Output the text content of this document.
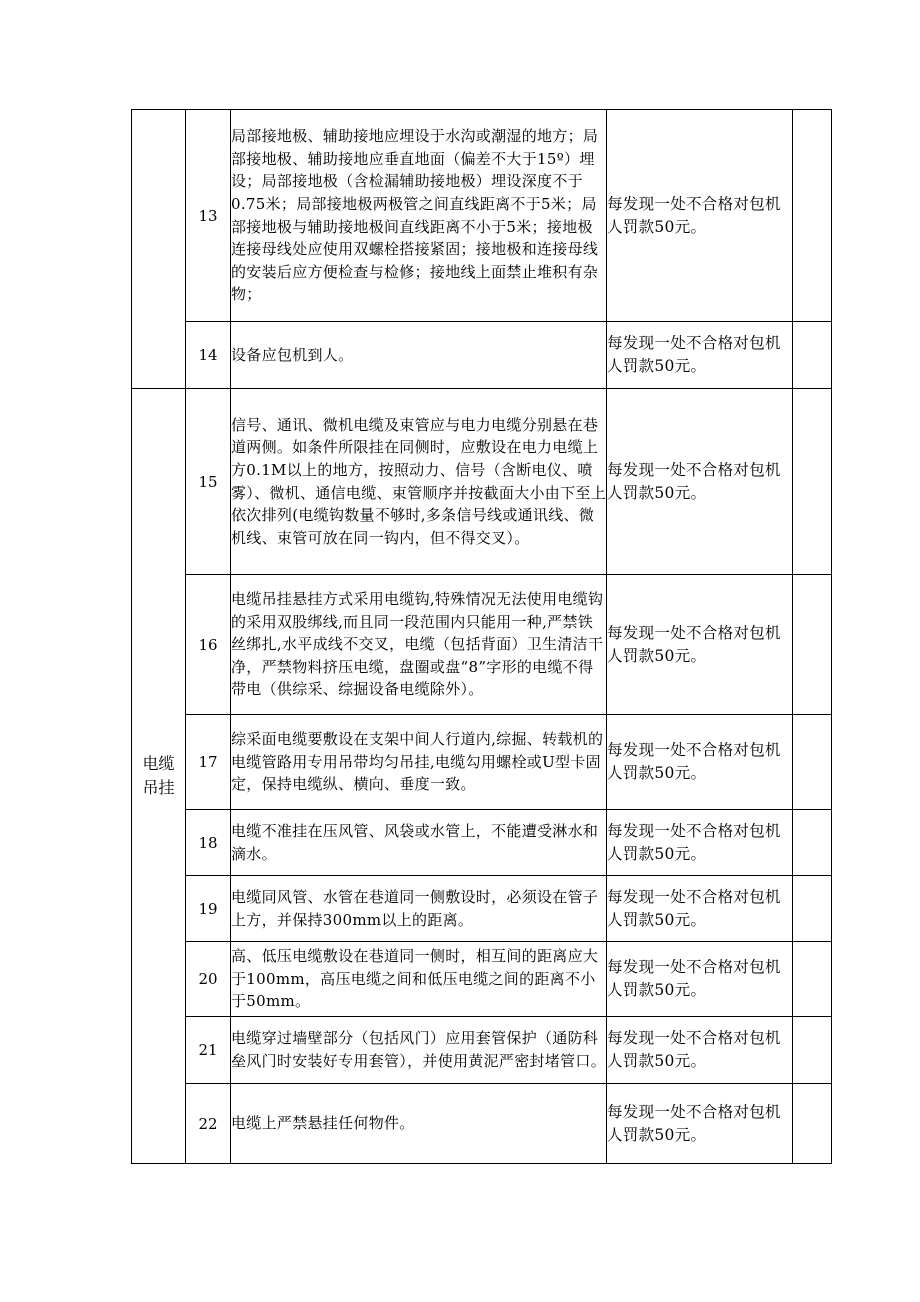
	13	局部接地极、辅助接地应埋设于水沟或潮湿的地方；局部接地极、辅助接地应垂直地面（偏差不大于15º）埋设；局部接地极（含检漏辅助接地极）埋设深度不于0.75米；局部接地极两极管之间直线距离不于5米；局部接地极与辅助接地极间直线距离不小于5米；接地极连接母线处应使用双螺栓搭接紧固；接地极和连接母线的安装后应方便检查与检修；接地线上面禁止堆积有杂物；	每发现一处不合格对包机人罚款50元。	
	14	设备应包机到人。	每发现一处不合格对包机人罚款50元。	

电缆吊挂	15	信号、通讯、微机电缆及束管应与电力电缆分别悬在巷道两侧。如条件所限挂在同侧时，应敷设在电力电缆上方0.1M以上的地方，按照动力、信号（含断电仪、喷雾）、微机、通信电缆、束管顺序并按截面大小由下至上依次排列(电缆钩数量不够时,多条信号线或通讯线、微机线、束管可放在同一钩内，但不得交叉）。	每发现一处不合格对包机人罚款50元。	
	16	电缆吊挂悬挂方式采用电缆钩,特殊情况无法使用电缆钩的采用双股绑线,而且同一段范围内只能用一种,严禁铁丝绑扎,水平成线不交叉，电缆（包括背面）卫生清洁干净，严禁物料挤压电缆，盘圈或盘“8”字形的电缆不得带电（供综采、综掘设备电缆除外）。	每发现一处不合格对包机人罚款50元。	
	17	综采面电缆要敷设在支架中间人行道内,综掘、转载机的电缆管路用专用吊带均匀吊挂,电缆勾用螺栓或U型卡固定，保持电缆纵、横向、垂度一致。	每发现一处不合格对包机人罚款50元。	
	18	电缆不准挂在压风管、风袋或水管上，不能遭受淋水和滴水。	每发现一处不合格对包机人罚款50元。	
	19	电缆同风管、水管在巷道同一侧敷设时，必须设在管子上方，并保持300mm以上的距离。	每发现一处不合格对包机人罚款50元。	
	20	高、低压电缆敷设在巷道同一侧时，相互间的距离应大于100mm，高压电缆之间和低压电缆之间的距离不小于50mm。	每发现一处不合格对包机人罚款50元。	
	21	电缆穿过墙壁部分（包括风门）应用套管保护（通防科垒风门时安装好专用套管），并使用黄泥严密封堵管口。	每发现一处不合格对包机人罚款50元。	
	22	电缆上严禁悬挂任何物件。	每发现一处不合格对包机人罚款50元。	
